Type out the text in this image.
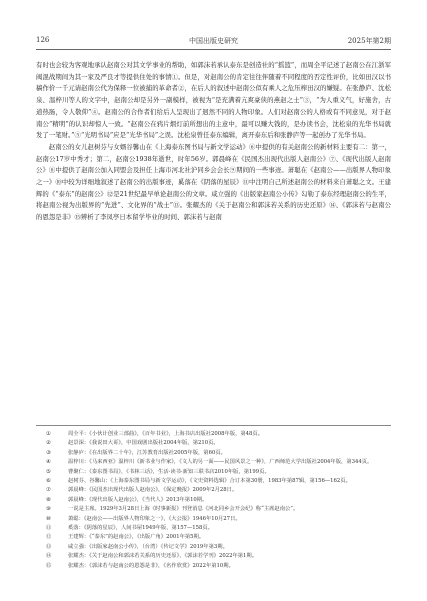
126	中国出版史研究	2025年第2期

有时也会较为客观地承认赵南公对其文学事业的帮助，如郭沫若承认泰东是创造社的“摇篮”，而周全平记述了赵南公在江浙军阀混战期间为其一家及严良才等提供住处的事情①。但是，对赵南公的肯定往往伴随着不同程度的否定性评价，比如田汉以书稿作价一千元请赵南公代为保释一位被捕的革命者②，在后人的叙述中赵南公似有乘人之危压榨田汉的嫌疑。在张静庐、沈松泉、温梓川等人的文字中，赵南公却是另外一副模样，被视为“是充满着亢爽豪侠的燕赵之士”③，“为人重义气，好施舍，古道热肠，令人敬仰”④。赵南公的合作者们给后人呈现出了迥然不同的人物印象。人们对赵南公的人格或有不同意见，对于赵南公“精明”的认识却惊人一致。“赵南公在鸦片烟灯前所想出的主意中，最可以赚大钱的，是办读书会，沈松泉的光华书局就发了一笔财。”⑤“光明书局”应是“光华书局”之误。沈松泉曾任泰东编辑，离开泰东后和张静庐等一起创办了光华书局。

赵南公的女儿赵树芬与女婿谷馨山在《上海泰东图书局与新文学运动》⑥中提供的有关赵南公的新材料主要有二：第一，赵南公17岁中秀才；第二，赵南公1938年逝世，时年56岁。郭晨峰在《民国杰出现代出版人赵南公》⑦、《现代出版人赵南公》⑧中提供了赵南公加入同盟会及担任上海市河北社沪同乡会会长⑨期间的一些事迹。萧聪在《赵南公——出版界人物印象之一》⑩中较为详细地叙述了赵南公的出版事迹，奚落在《阴落的星辰》⑪中注明自己所述赵南公的材料来自萧聪之文。王建辉的《“泰东”的赵南公》⑫是21世纪最早单论赵南公的文章。咸立强的《出版家赵南公小传》勾勒了泰东经理赵南公的生平，将赵南公视为出版界的“先进”、文化界的“战士”⑬。张耀杰的《关于赵南公和郭沫若关系的历史还原》⑭、《郭沫若与赵南公的恩怨是非》⑮辨析了李凤亭日本留学毕业的时间、郭沫若与赵南

①	周全平：《小伙计创业三部曲》，《百年书业》，上海书店出版社2008年版，第48页。
②	赵景深：《我说田大哥》，中国戏剧出版社2004年版，第210页。
③	张静庐：《在出版界二十年》，江苏教育出版社2005年版，第60页。
④	温梓川：《马来西亚》温梓川《新书业与作家》，《文人的另一面——民国风景之一种》，广西师范大学出版社2004年版，第344页。
⑤	曹聚仁：《泰东图书局》，《书林三话》，生活·读书·新知三联书店2010年版，第199页。
⑥	赵树芬、谷馨山：《上海泰东图书局与新文学运动》，《文史资料选辑》合订本第30册，1983年第87辑，第156—162页。
⑦	郭晨峰：《民国杰出现代出版人赵南公》，《保定晚报》2009年2月28日。
⑧	郭晨峰：《现代出版人赵南公》，《当代人》2013年第10期。
⑨	一说是主席。1929年3月28日上海《时事新报》刊登消息《河北同乡会开会纪》称“主席赵南公”。
⑩	萧聪：《赵南公——出版界人物印象之一》，《大公报》1946年10月27日。
⑪	奚落：《阴落的星辰》，人间书屋1949年版，第157—158页。
⑫	王建辉：《“泰东”的赵南公》，《出版广角》2001年第5期。
⑬	咸立强：《出版家赵南公小传》，（台湾）《传记文学》2019年第3期。
⑭	张耀杰：《关于赵南公和郭沫若关系的历史还原》，《郭沫若学刊》2022年第1期。
⑮	张耀杰：《郭沫若与赵南公的恩怨是非》，《名作欣赏》2022年第10期。
